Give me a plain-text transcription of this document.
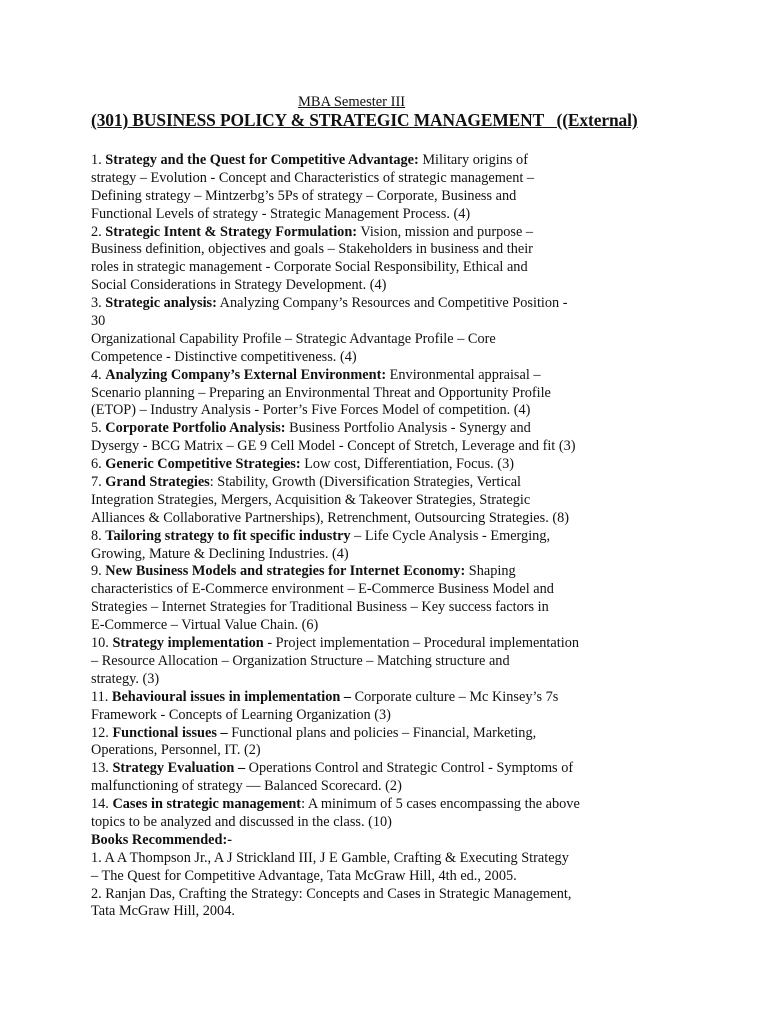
MBA Semester III
(301) BUSINESS POLICY & STRATEGIC MANAGEMENT   ((External)
1. Strategy and the Quest for Competitive Advantage: Military origins of
strategy – Evolution - Concept and Characteristics of strategic management –
Defining strategy – Mintzerbg’s 5Ps of strategy – Corporate, Business and
Functional Levels of strategy - Strategic Management Process. (4)
2. Strategic Intent & Strategy Formulation: Vision, mission and purpose –
Business definition, objectives and goals – Stakeholders in business and their
roles in strategic management - Corporate Social Responsibility, Ethical and
Social Considerations in Strategy Development. (4)
3. Strategic analysis: Analyzing Company’s Resources and Competitive Position -
30
Organizational Capability Profile – Strategic Advantage Profile – Core
Competence - Distinctive competitiveness. (4)
4. Analyzing Company’s External Environment: Environmental appraisal –
Scenario planning – Preparing an Environmental Threat and Opportunity Profile
(ETOP) – Industry Analysis - Porter’s Five Forces Model of competition. (4)
5. Corporate Portfolio Analysis: Business Portfolio Analysis - Synergy and
Dysergy - BCG Matrix – GE 9 Cell Model - Concept of Stretch, Leverage and fit (3)
6. Generic Competitive Strategies: Low cost, Differentiation, Focus. (3)
7. Grand Strategies: Stability, Growth (Diversification Strategies, Vertical
Integration Strategies, Mergers, Acquisition & Takeover Strategies, Strategic
Alliances & Collaborative Partnerships), Retrenchment, Outsourcing Strategies. (8)
8. Tailoring strategy to fit specific industry – Life Cycle Analysis - Emerging,
Growing, Mature & Declining Industries. (4)
9. New Business Models and strategies for Internet Economy: Shaping
characteristics of E-Commerce environment – E-Commerce Business Model and
Strategies – Internet Strategies for Traditional Business – Key success factors in
E-Commerce – Virtual Value Chain. (6)
10. Strategy implementation - Project implementation – Procedural implementation
– Resource Allocation – Organization Structure – Matching structure and
strategy. (3)
11. Behavioural issues in implementation – Corporate culture – Mc Kinsey’s 7s
Framework - Concepts of Learning Organization (3)
12. Functional issues – Functional plans and policies – Financial, Marketing,
Operations, Personnel, IT. (2)
13. Strategy Evaluation – Operations Control and Strategic Control - Symptoms of
malfunctioning of strategy –– Balanced Scorecard. (2)
14. Cases in strategic management: A minimum of 5 cases encompassing the above
topics to be analyzed and discussed in the class. (10)
Books Recommended:-
1. A A Thompson Jr., A J Strickland III, J E Gamble, Crafting & Executing Strategy
– The Quest for Competitive Advantage, Tata McGraw Hill, 4th ed., 2005.
2. Ranjan Das, Crafting the Strategy: Concepts and Cases in Strategic Management,
Tata McGraw Hill, 2004.
